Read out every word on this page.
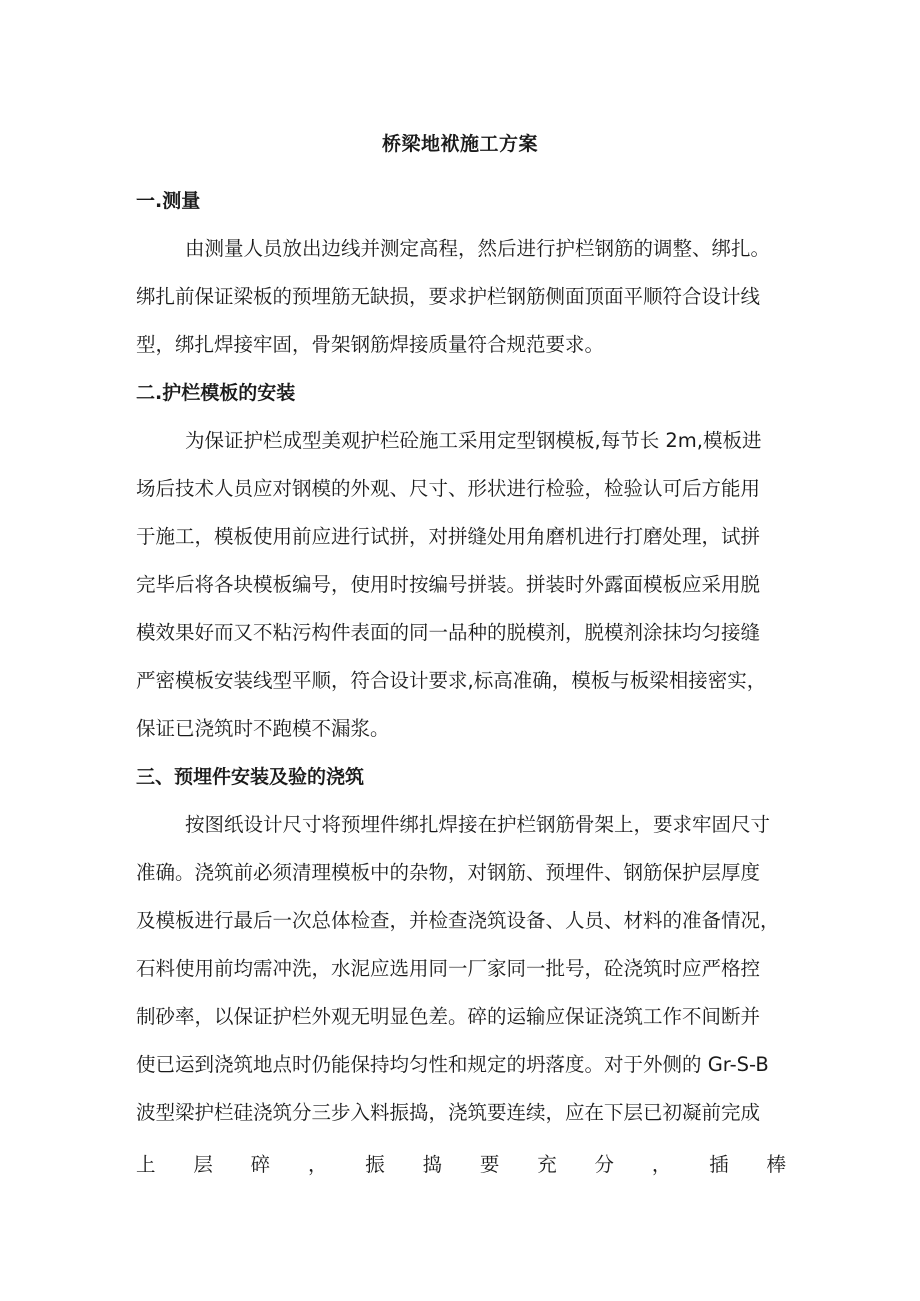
桥梁地袱施工方案
一.测量
由测量人员放出边线并测定高程，然后进行护栏钢筋的调整、绑扎。
绑扎前保证梁板的预埋筋无缺损，要求护栏钢筋侧面顶面平顺符合设计线
型，绑扎焊接牢固，骨架钢筋焊接质量符合规范要求。
二.护栏模板的安装
为保证护栏成型美观护栏砼施工采用定型钢模板,每节长 2m,模板进
场后技术人员应对钢模的外观、尺寸、形状进行检验，检验认可后方能用
于施工，模板使用前应进行试拼，对拼缝处用角磨机进行打磨处理，试拼
完毕后将各块模板编号，使用时按编号拼装。拼装时外露面模板应采用脱
模效果好而又不粘污构件表面的同一品种的脱模剂，脱模剂涂抹均匀接缝
严密模板安装线型平顺，符合设计要求,标高准确，模板与板梁相接密实，
保证已浇筑时不跑模不漏浆。
三、预埋件安装及验的浇筑
按图纸设计尺寸将预埋件绑扎焊接在护栏钢筋骨架上，要求牢固尺寸
准确。浇筑前必须清理模板中的杂物，对钢筋、预埋件、钢筋保护层厚度
及模板进行最后一次总体检查，并检查浇筑设备、人员、材料的准备情况，
石料使用前均需冲洗，水泥应选用同一厂家同一批号，砼浇筑时应严格控
制砂率，以保证护栏外观无明显色差。碎的运输应保证浇筑工作不间断并
使已运到浇筑地点时仍能保持均匀性和规定的坍落度。对于外侧的 Gr-S-B
波型梁护栏硅浇筑分三步入料振捣，浇筑要连续，应在下层已初凝前完成
上 层 碎 ， 振 捣 要 充 分 ， 插 棒
